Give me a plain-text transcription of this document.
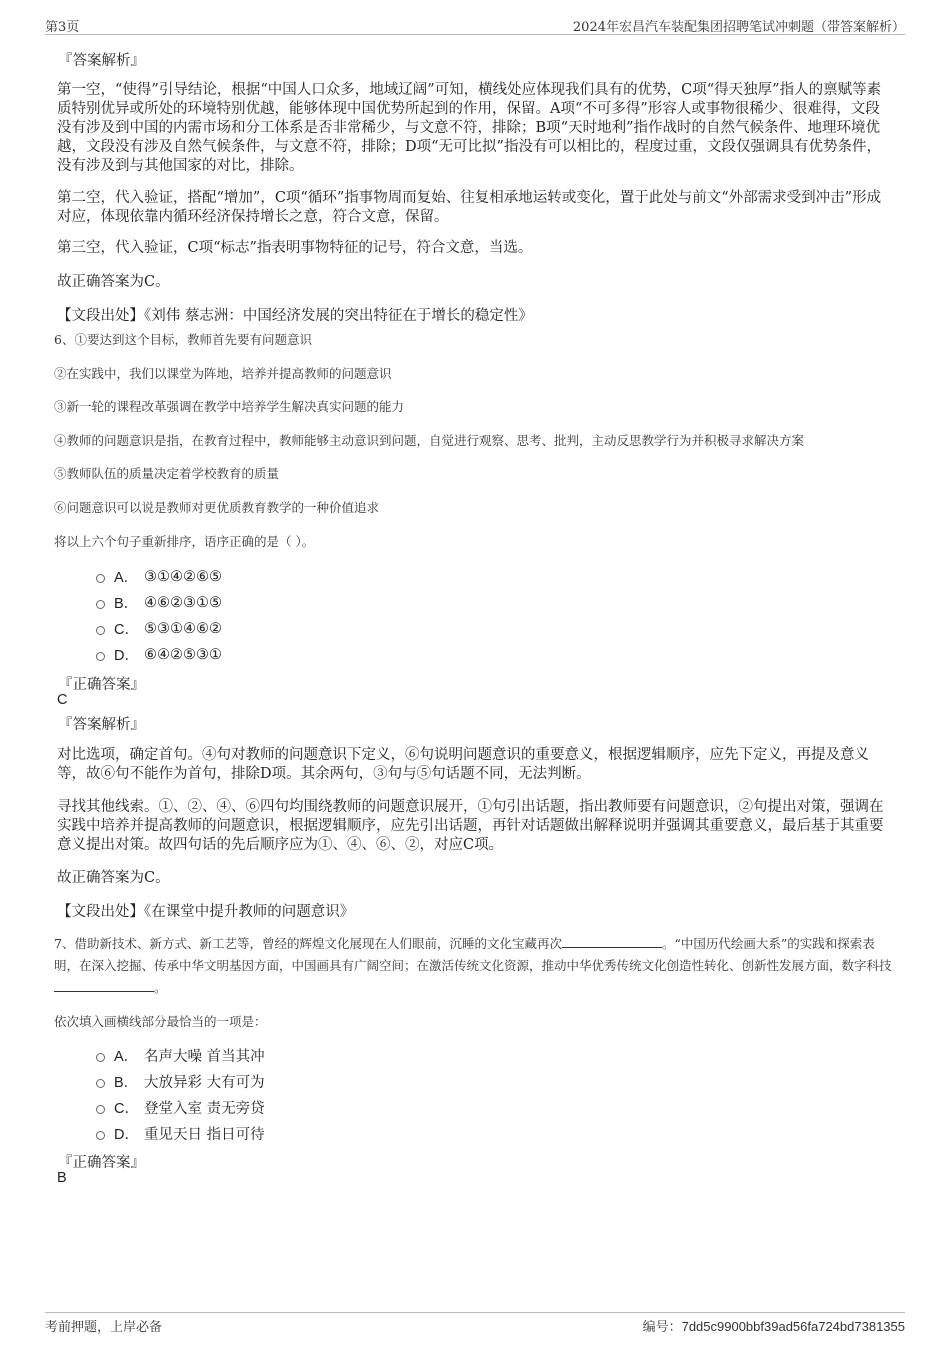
第3页	2024年宏昌汽车装配集团招聘笔试冲刺题（带答案解析）
『答案解析』
第一空，“使得”引导结论，根据“中国人口众多，地域辽阔”可知，横线处应体现我们具有的优势，C项“得天独厚”指人的禀赋等素质特别优异或所处的环境特别优越，能够体现中国优势所起到的作用，保留。A项“不可多得”形容人或事物很稀少、很难得，文段没有涉及到中国的内需市场和分工体系是否非常稀少，与文意不符，排除；B项“天时地利”指作战时的自然气候条件、地理环境优越，文段没有涉及自然气候条件，与文意不符，排除；D项“无可比拟”指没有可以相比的，程度过重，文段仅强调具有优势条件，没有涉及到与其他国家的对比，排除。
第二空，代入验证，搭配“增加”，C项“循环”指事物周而复始、往复相承地运转或变化，置于此处与前文“外部需求受到冲击”形成对应，体现依靠内循环经济保持增长之意，符合文意，保留。
第三空，代入验证，C项“标志”指表明事物特征的记号，符合文意，当选。
故正确答案为C。
【文段出处】《刘伟 蔡志洲：中国经济发展的突出特征在于增长的稳定性》
6、①要达到这个目标，教师首先要有问题意识
②在实践中，我们以课堂为阵地，培养并提高教师的问题意识
③新一轮的课程改革强调在教学中培养学生解决真实问题的能力
④教师的问题意识是指，在教育过程中，教师能够主动意识到问题，自觉进行观察、思考、批判，主动反思教学行为并积极寻求解决方案
⑤教师队伍的质量决定着学校教育的质量
⑥问题意识可以说是教师对更优质教育教学的一种价值追求
将以上六个句子重新排序，语序正确的是（ ）。
A． ③①④②⑥⑤
B． ④⑥②③①⑤
C． ⑤③①④⑥②
D． ⑥④②⑤③①
『正确答案』
C
『答案解析』
对比选项，确定首句。④句对教师的问题意识下定义，⑥句说明问题意识的重要意义，根据逻辑顺序，应先下定义，再提及意义等，故⑥句不能作为首句，排除D项。其余两句，③句与⑤句话题不同，无法判断。
寻找其他线索。①、②、④、⑥四句均围绕教师的问题意识展开，①句引出话题，指出教师要有问题意识，②句提出对策，强调在实践中培养并提高教师的问题意识，根据逻辑顺序，应先引出话题，再针对话题做出解释说明并强调其重要意义，最后基于其重要意义提出对策。故四句话的先后顺序应为①、④、⑥、②，对应C项。
故正确答案为C。
【文段出处】《在课堂中提升教师的问题意识》
7、借助新技术、新方式、新工艺等，曾经的辉煌文化展现在人们眼前，沉睡的文化宝藏再次	。“中国历代绘画大系”的实践和探索表明，在深入挖掘、传承中华文明基因方面，中国画具有广阔空间；在激活传统文化资源，推动中华优秀传统文化创造性转化、创新性发展方面，数字科技。
依次填入画横线部分最恰当的一项是：
A． 名声大噪 首当其冲
B． 大放异彩 大有可为
C． 登堂入室 责无旁贷
D． 重见天日 指日可待
『正确答案』
B
考前押题，上岸必备	编号：7dd5c9900bbf39ad56fa724bd7381355
